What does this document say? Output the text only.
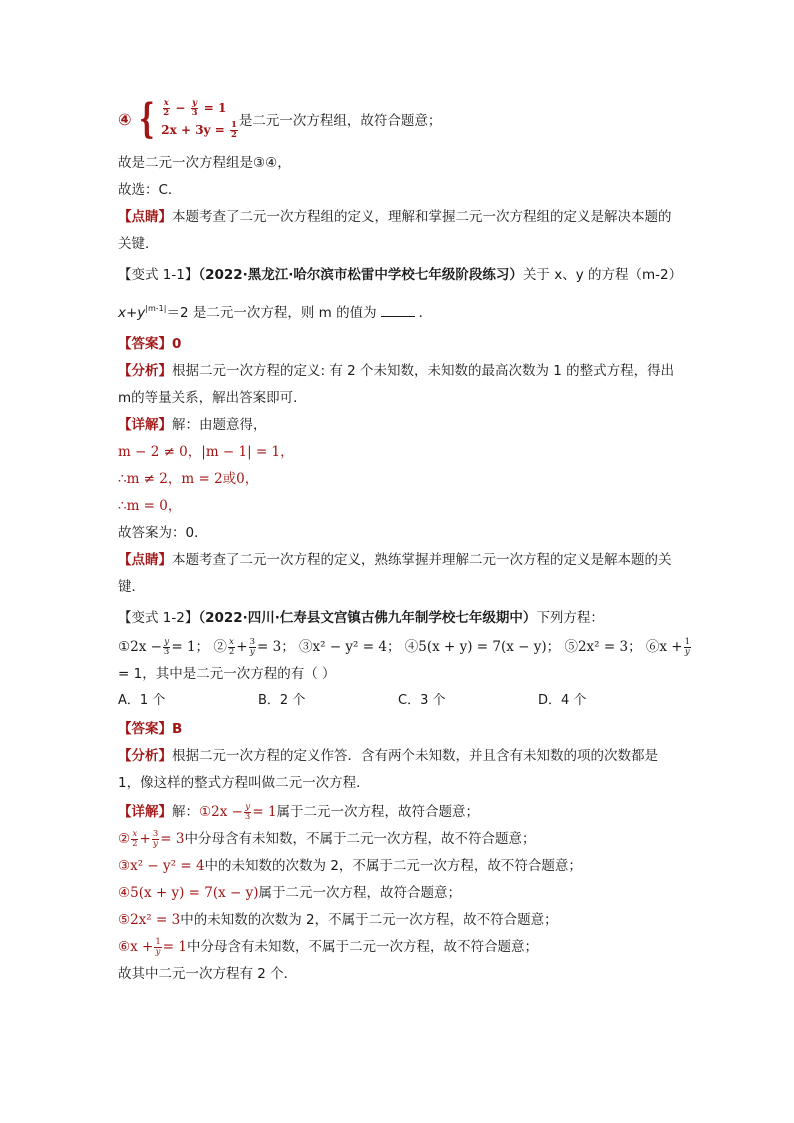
④ { $\frac{x}{2} - \frac{y}{3} = 1$
$2x + 3y = \frac{1}{2}$ 是二元一次方程组，故符合题意；
故是二元一次方程组是③④，
故选：C．
【点睛】本题考查了二元一次方程组的定义，理解和掌握二元一次方程组的定义是解决本题的关键．
【变式 1-1】（2022·黑龙江·哈尔滨市松雷中学校七年级阶段练习）关于 x、y 的方程（m-2）
$x+y^{|m-1|}=2$ 是二元一次方程，则 m 的值为	．
【答案】0
【分析】根据二元一次方程的定义: 有 2 个未知数，未知数的最高次数为 1 的整式方程，得出m的等量关系，解出答案即可．
【详解】解：由题意得，
m − 2 ≠ 0，|m − 1| = 1，
∴m ≠ 2，m = 2或0，
∴m = 0，
故答案为：0．
【点睛】本题考查了二元一次方程的定义，熟练掌握并理解二元一次方程的定义是解本题的关键．
【变式 1-2】（2022·四川·仁寿县文宫镇古佛九年制学校七年级期中）下列方程：
①2x − $\frac{y}{3} = 1$； ② $\frac{x}{2} + \frac{3}{y} = 3$； ③x² − y² = 4； ④5(x + y) = 7(x − y)； ⑤2x² = 3； ⑥x + $\frac{1}{y}$
= 1，其中是二元一次方程的有（ ）
A．1 个	B．2 个	C．3 个	D．4 个
【答案】B
【分析】根据二元一次方程的定义作答．含有两个未知数，并且含有未知数的项的次数都是 1，像这样的整式方程叫做二元一次方程．
【详解】解：①2x − $\frac{y}{3} = 1$属于二元一次方程，故符合题意；
② $\frac{x}{2} + \frac{3}{y} = 3$中分母含有未知数，不属于二元一次方程，故不符合题意；
③x² − y² = 4中的未知数的次数为 2，不属于二元一次方程，故不符合题意；
④5(x + y) = 7(x − y)属于二元一次方程，故符合题意；
⑤2x² = 3中的未知数的次数为 2，不属于二元一次方程，故不符合题意；
⑥x + $\frac{1}{y} = 1$中分母含有未知数，不属于二元一次方程，故不符合题意；
故其中二元一次方程有 2 个．
